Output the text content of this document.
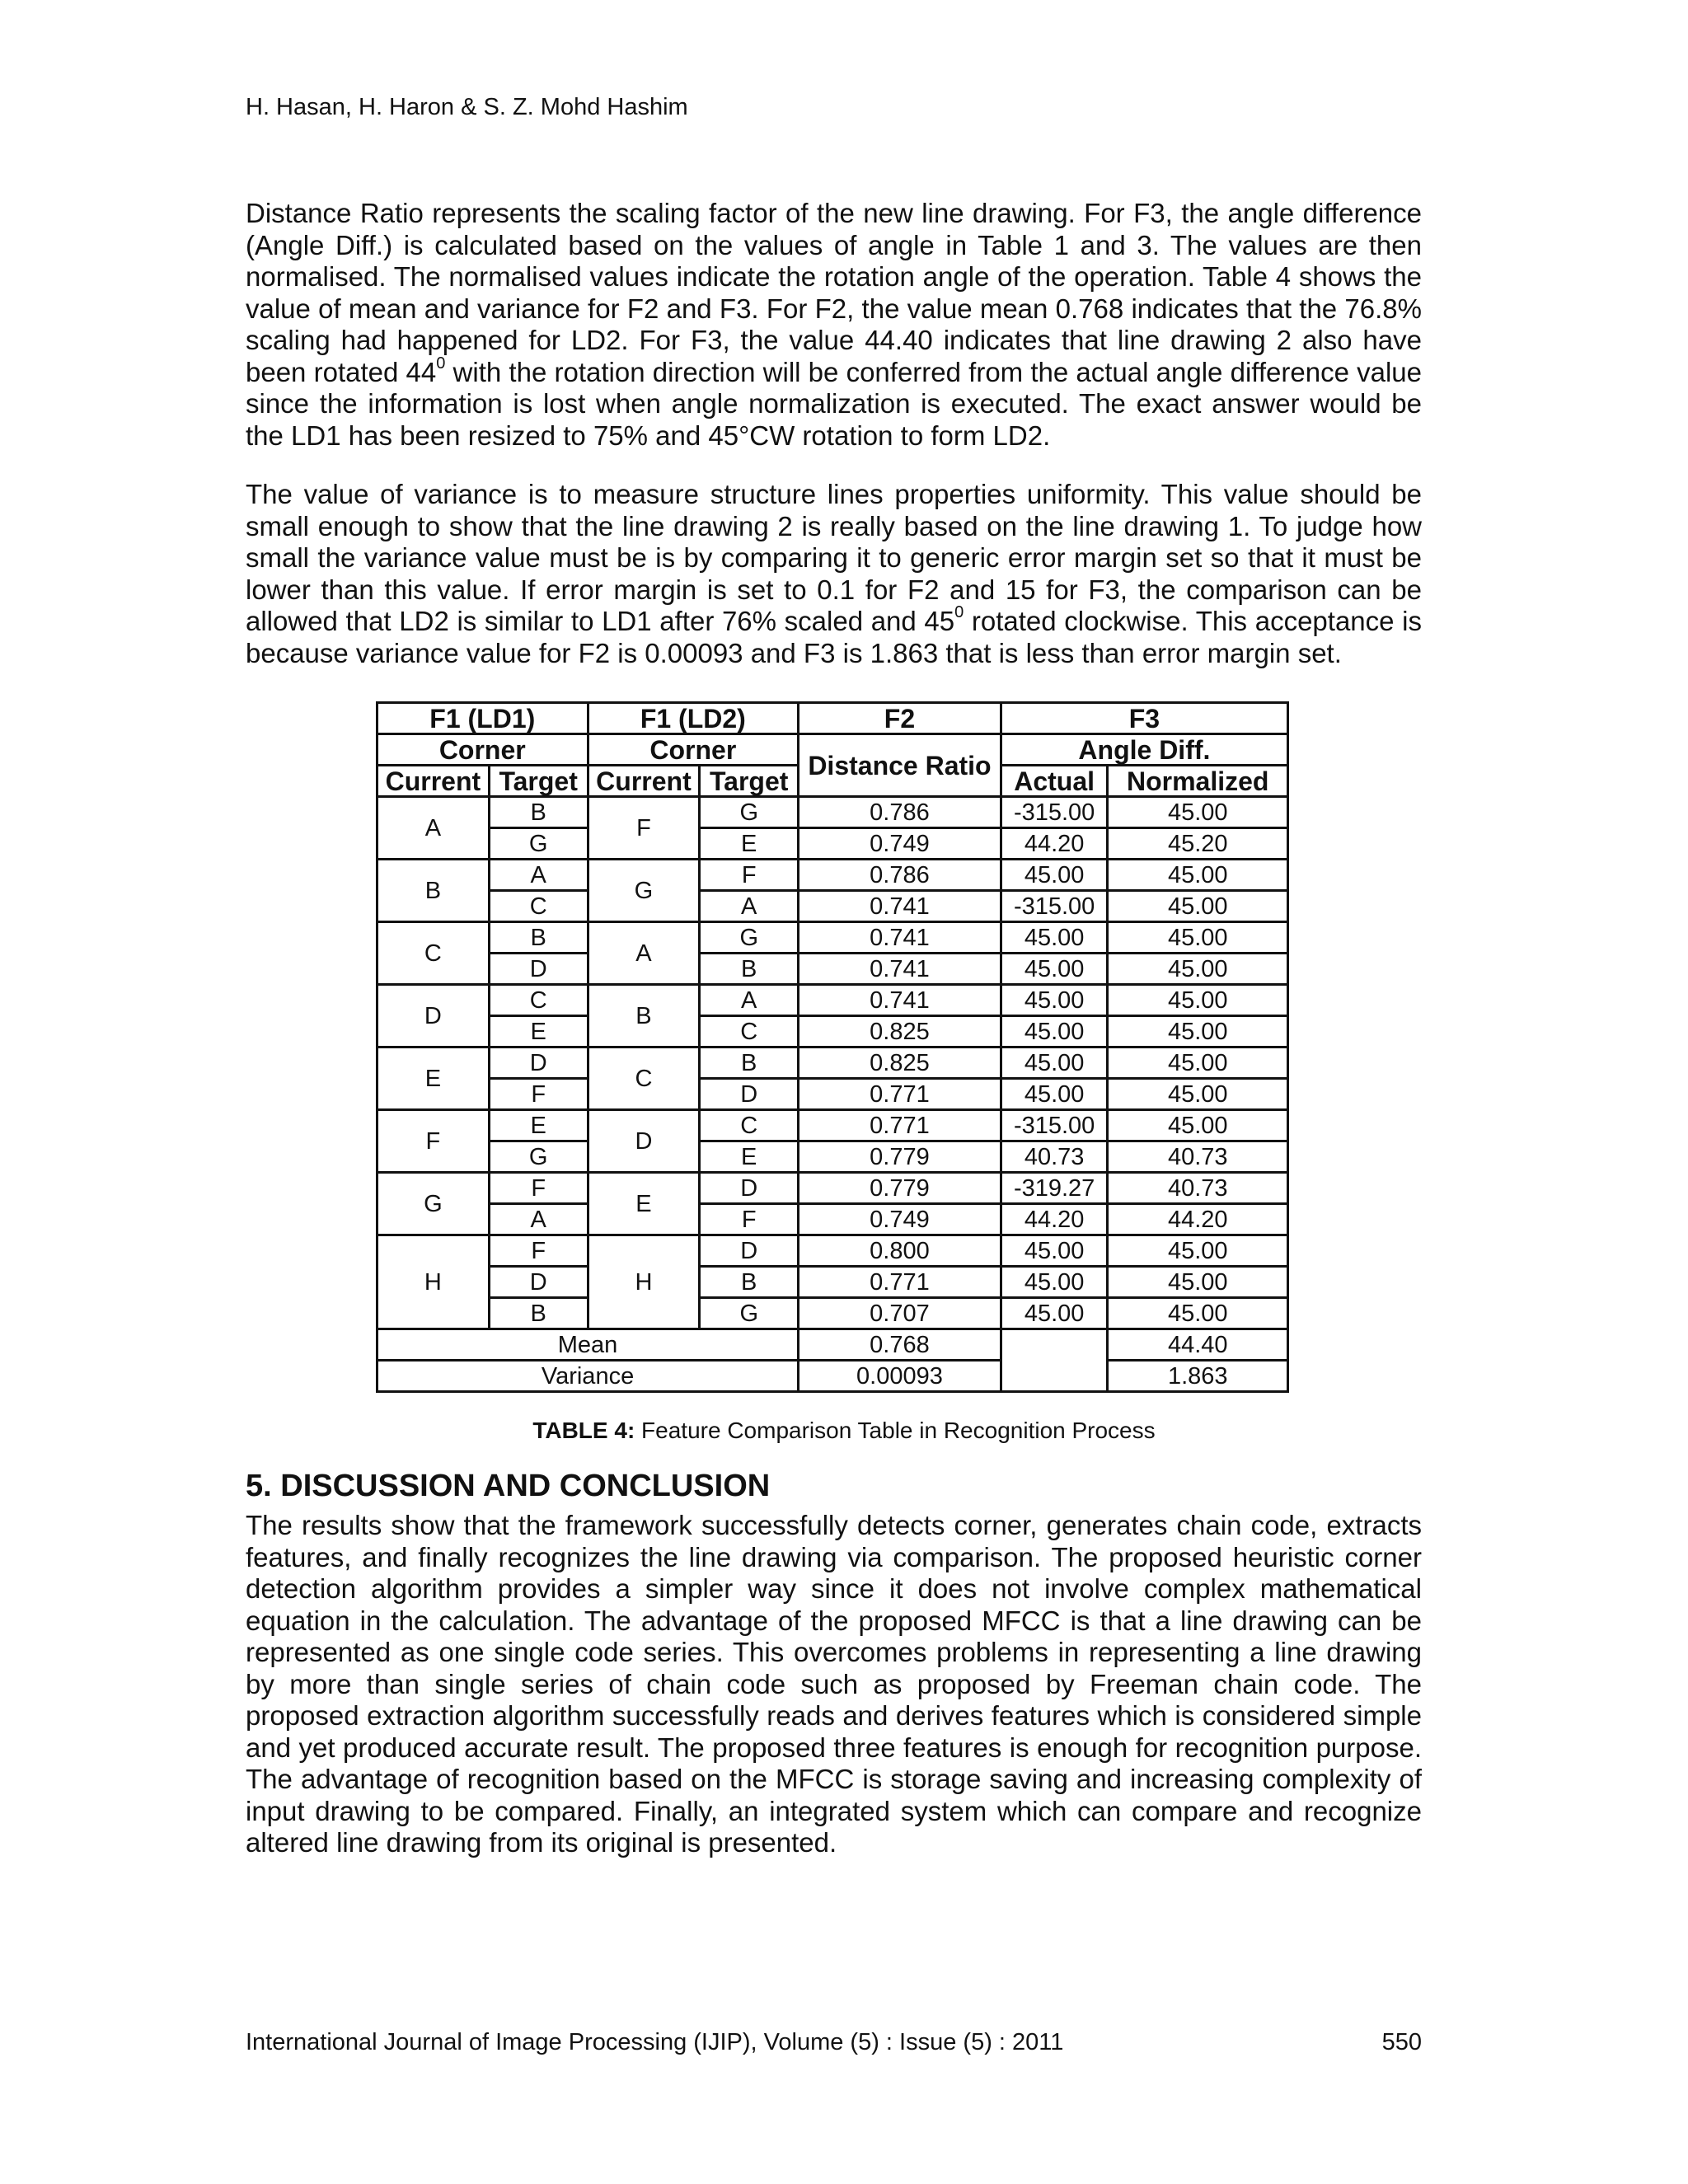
H. Hasan, H. Haron & S. Z. Mohd Hashim

Distance Ratio represents the scaling factor of the new line drawing. For F3, the angle difference (Angle Diff.) is calculated based on the values of angle in Table 1 and 3. The values are then normalised. The normalised values indicate the rotation angle of the operation. Table 4 shows the value of mean and variance for F2 and F3. For F2, the value mean 0.768 indicates that the 76.8% scaling had happened for LD2. For F3, the value 44.40 indicates that line drawing 2 also have been rotated $44^0$ with the rotation direction will be conferred from the actual angle difference value since the information is lost when angle normalization is executed. The exact answer would be the LD1 has been resized to 75% and 45°CW rotation to form LD2.

The value of variance is to measure structure lines properties uniformity. This value should be small enough to show that the line drawing 2 is really based on the line drawing 1. To judge how small the variance value must be is by comparing it to generic error margin set so that it must be lower than this value. If error margin is set to 0.1 for F2 and 15 for F3, the comparison can be allowed that LD2 is similar to LD1 after 76% scaled and $45^0$ rotated clockwise. This acceptance is because variance value for F2 is 0.00093 and F3 is 1.863 that is less than error margin set.

F1 (LD1)		F1 (LD2)		F2	F3	
Corner		Corner		Distance Ratio	Angle Diff.	
Current	Target	Current	Target		Actual	Normalized
A	B	F	G	0.786	-315.00	45.00
	G		E	0.749	44.20	45.20
B	A	G	F	0.786	45.00	45.00
	C		A	0.741	-315.00	45.00
C	B	A	G	0.741	45.00	45.00
	D		B	0.741	45.00	45.00
D	C	B	A	0.741	45.00	45.00
	E		C	0.825	45.00	45.00
E	D	C	B	0.825	45.00	45.00
	F		D	0.771	45.00	45.00
F	E	D	C	0.771	-315.00	45.00
	G		E	0.779	40.73	40.73
G	F	E	D	0.779	-319.27	40.73
	A		F	0.749	44.20	44.20
H	F	H	D	0.800	45.00	45.00
	D		B	0.771	45.00	45.00
	B		G	0.707	45.00	45.00
Mean				0.768		44.40
Variance				0.00093		1.863
TABLE 4: Feature Comparison Table in Recognition Process
5. DISCUSSION AND CONCLUSION

The results show that the framework successfully detects corner, generates chain code, extracts features, and finally recognizes the line drawing via comparison. The proposed heuristic corner detection algorithm provides a simpler way since it does not involve complex mathematical equation in the calculation. The advantage of the proposed MFCC is that a line drawing can be represented as one single code series. This overcomes problems in representing a line drawing by more than single series of chain code such as proposed by Freeman chain code. The proposed extraction algorithm successfully reads and derives features which is considered simple and yet produced accurate result. The proposed three features is enough for recognition purpose. The advantage of recognition based on the MFCC is storage saving and increasing complexity of input drawing to be compared. Finally, an integrated system which can compare and recognize altered line drawing from its original is presented.

International Journal of Image Processing (IJIP), Volume (5) : Issue (5) : 2011	550
